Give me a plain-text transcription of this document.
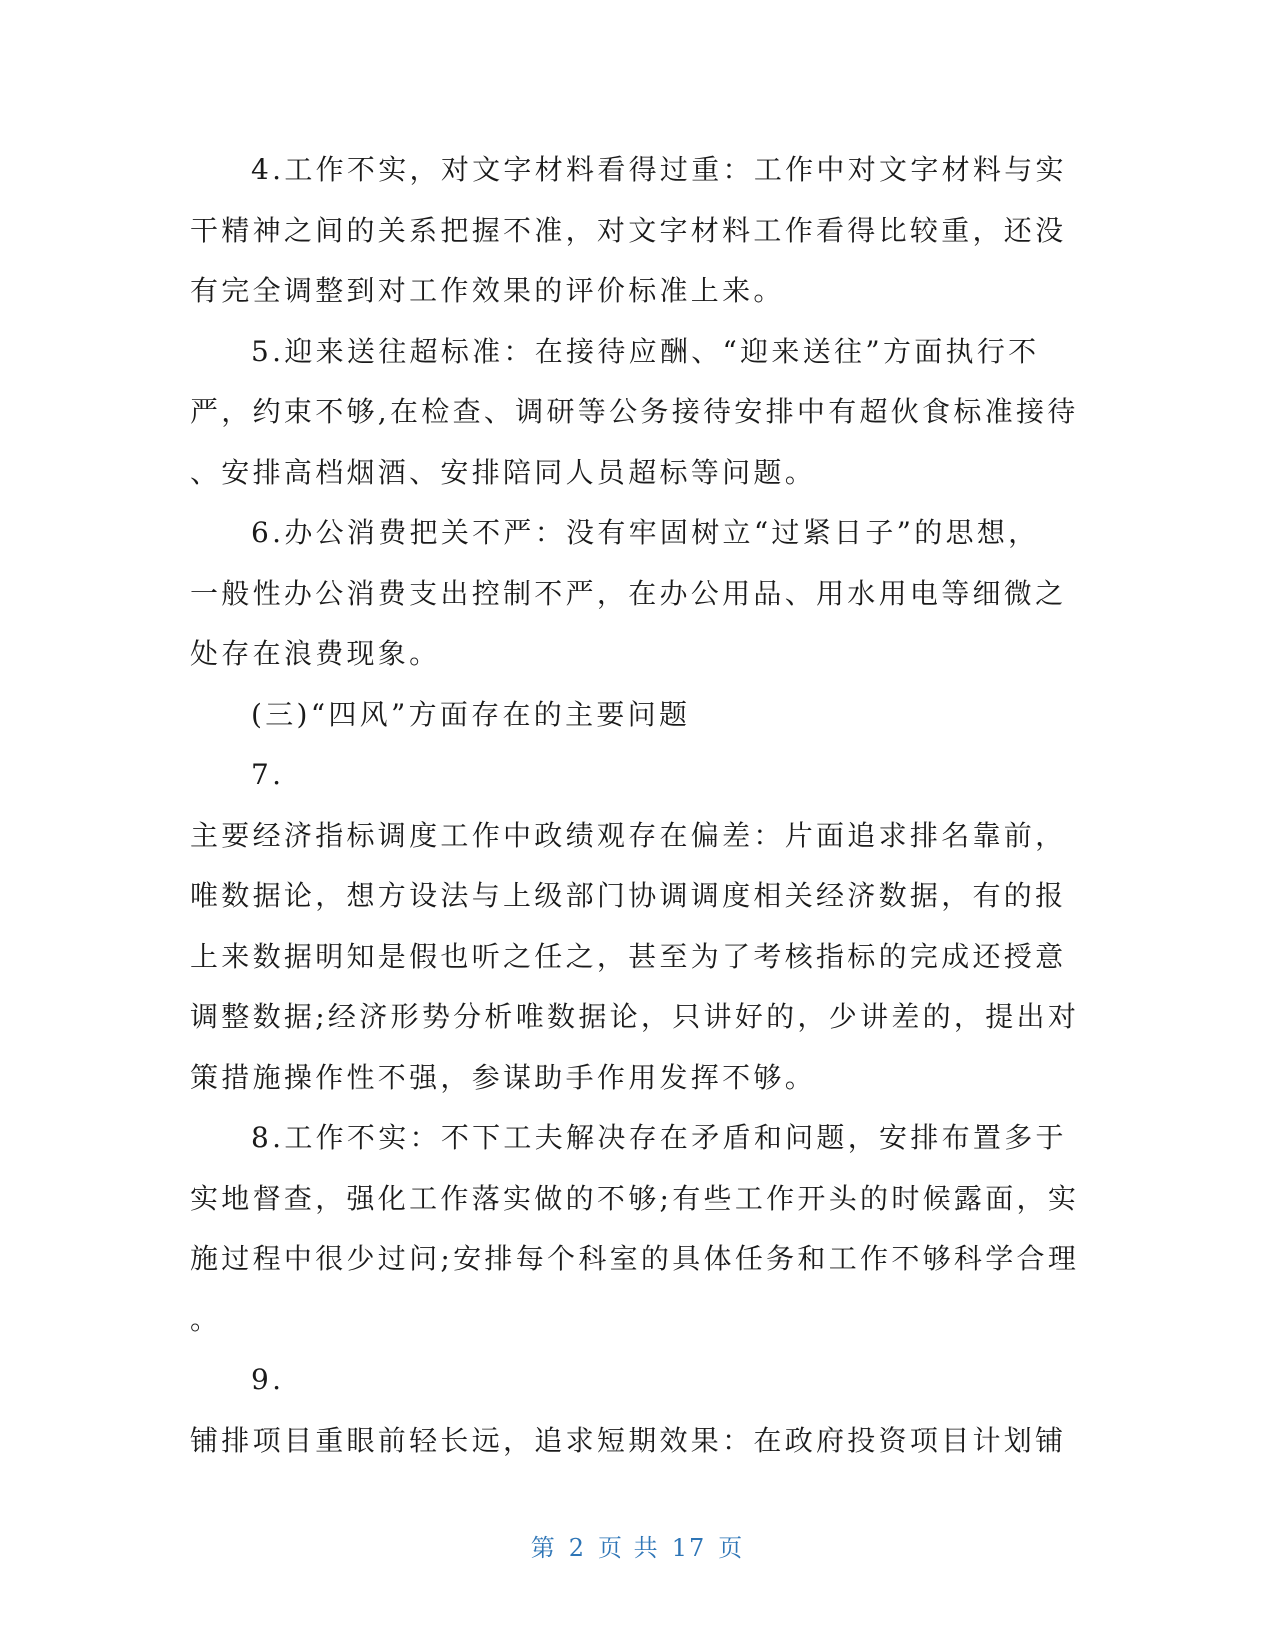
4.工作不实，对文字材料看得过重：工作中对文字材料与实
干精神之间的关系把握不准，对文字材料工作看得比较重，还没
有完全调整到对工作效果的评价标准上来。
5.迎来送往超标准：在接待应酬、“迎来送往”方面执行不
严，约束不够,在检查、调研等公务接待安排中有超伙食标准接待
、安排高档烟酒、安排陪同人员超标等问题。
6.办公消费把关不严：没有牢固树立“过紧日子”的思想，
一般性办公消费支出控制不严，在办公用品、用水用电等细微之
处存在浪费现象。
(三)“四风”方面存在的主要问题
7.
主要经济指标调度工作中政绩观存在偏差：片面追求排名靠前，
唯数据论，想方设法与上级部门协调调度相关经济数据，有的报
上来数据明知是假也听之任之，甚至为了考核指标的完成还授意
调整数据;经济形势分析唯数据论，只讲好的，少讲差的，提出对
策措施操作性不强，参谋助手作用发挥不够。
8.工作不实：不下工夫解决存在矛盾和问题，安排布置多于
实地督查，强化工作落实做的不够;有些工作开头的时候露面，实
施过程中很少过问;安排每个科室的具体任务和工作不够科学合理
。
9.
铺排项目重眼前轻长远，追求短期效果：在政府投资项目计划铺
第 2 页 共 17 页
